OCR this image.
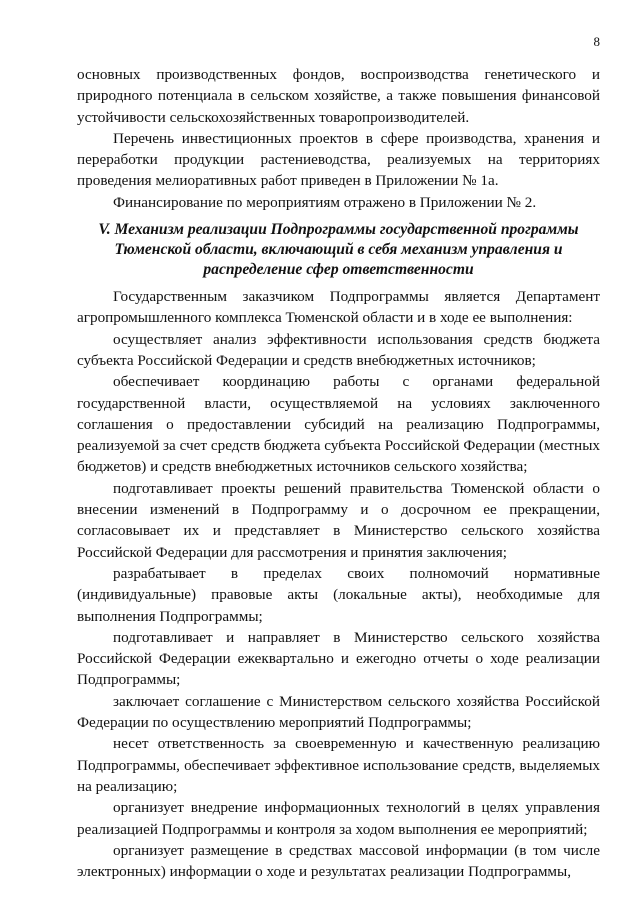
8

основных производственных фондов, воспроизводства генетического и природного потенциала в сельском хозяйстве, а также повышения финансовой устойчивости сельскохозяйственных товаропроизводителей.

Перечень инвестиционных проектов в сфере производства, хранения и переработки продукции растениеводства, реализуемых на территориях проведения мелиоративных работ приведен в Приложении № 1а.

Финансирование по мероприятиям отражено в Приложении № 2.

V. Механизм реализации Подпрограммы государственной программы Тюменской области, включающий в себя механизм управления и распределение сфер ответственности

Государственным заказчиком Подпрограммы является Департамент агропромышленного комплекса Тюменской области и в ходе ее выполнения:

осуществляет анализ эффективности использования средств бюджета субъекта Российской Федерации и средств внебюджетных источников;

обеспечивает координацию работы с органами федеральной государственной власти, осуществляемой на условиях заключенного соглашения о предоставлении субсидий на реализацию Подпрограммы, реализуемой за счет средств бюджета субъекта Российской Федерации (местных бюджетов) и средств внебюджетных источников сельского хозяйства;

подготавливает проекты решений правительства Тюменской области о внесении изменений в Подпрограмму и о досрочном ее прекращении, согласовывает их и представляет в Министерство сельского хозяйства Российской Федерации для рассмотрения и принятия заключения;

разрабатывает в пределах своих полномочий нормативные (индивидуальные) правовые акты (локальные акты), необходимые для выполнения Подпрограммы;

подготавливает и направляет в Министерство сельского хозяйства Российской Федерации ежеквартально и ежегодно отчеты о ходе реализации Подпрограммы;

заключает соглашение с Министерством сельского хозяйства Российской Федерации по осуществлению мероприятий Подпрограммы;

несет ответственность за своевременную и качественную реализацию Подпрограммы, обеспечивает эффективное использование средств, выделяемых на реализацию;

организует внедрение информационных технологий в целях управления реализацией Подпрограммы и контроля за ходом выполнения ее мероприятий;

организует размещение в средствах массовой информации (в том числе электронных) информации о ходе и результатах реализации Подпрограммы,
